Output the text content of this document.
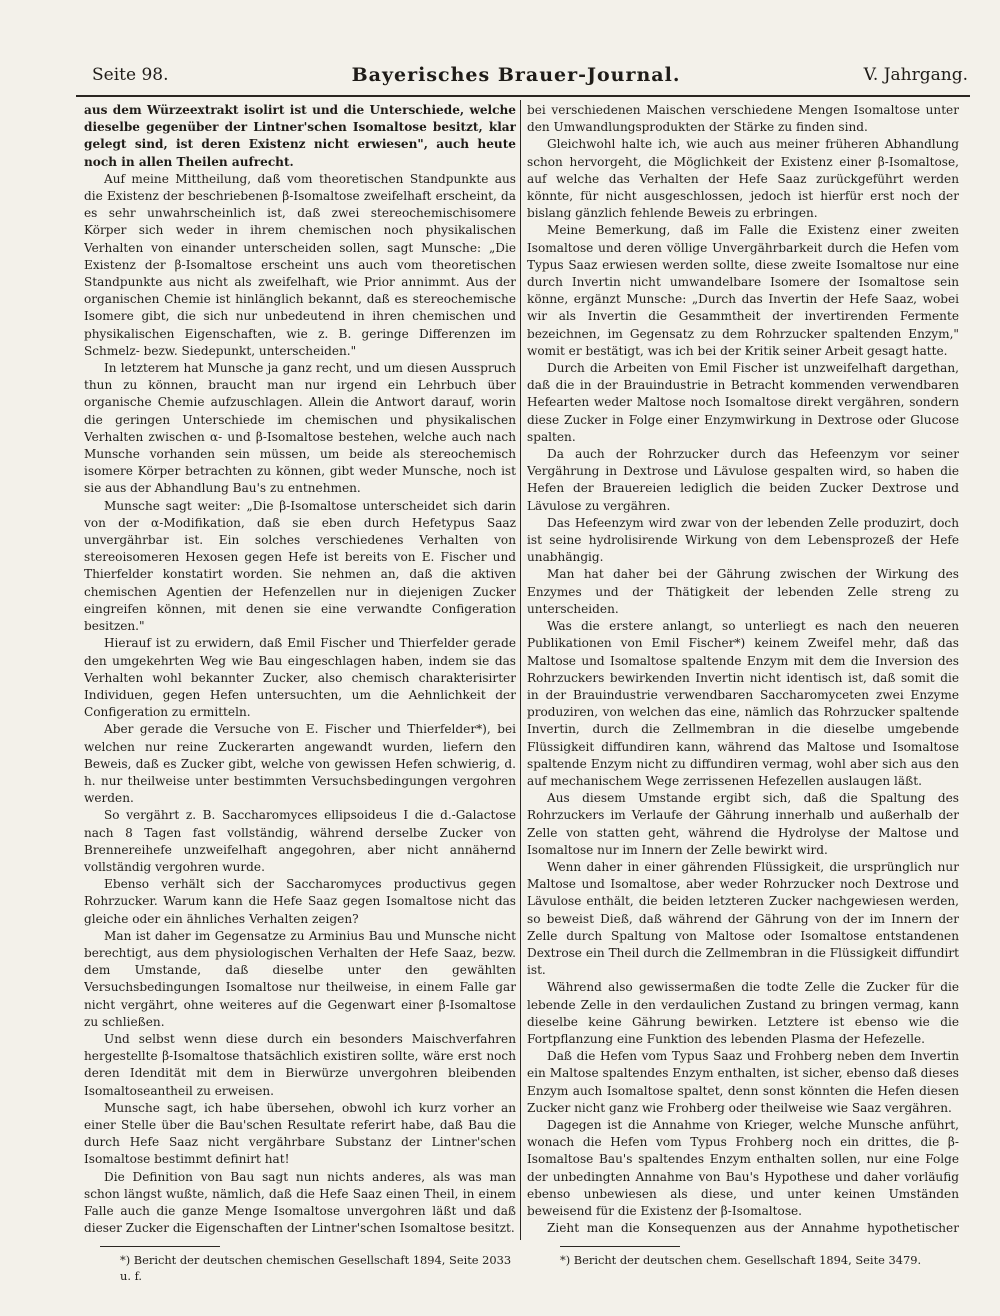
Seite 98.	Bayerisches Brauer-Journal.	V. Jahrgang.

aus dem Würzeextrakt isolirt ist und die Unterschiede, welche dieselbe gegenüber der Lintner'schen Isomaltose besitzt, klar gelegt sind, ist deren Existenz nicht erwiesen", auch heute noch in allen Theilen aufrecht.

Auf meine Mittheilung, daß vom theoretischen Standpunkte aus die Existenz der beschriebenen β-Isomaltose zweifelhaft erscheint, da es sehr unwahrscheinlich ist, daß zwei stereochemischisomere Körper sich weder in ihrem chemischen noch physikalischen Verhalten von einander unterscheiden sollen, sagt Munsche: „Die Existenz der β-Isomaltose erscheint uns auch vom theoretischen Standpunkte aus nicht als zweifelhaft, wie Prior annimmt. Aus der organischen Chemie ist hinlänglich bekannt, daß es stereochemische Isomere gibt, die sich nur unbedeutend in ihren chemischen und physikalischen Eigenschaften, wie z. B. geringe Differenzen im Schmelz- bezw. Siedepunkt, unterscheiden."

In letzterem hat Munsche ja ganz recht, und um diesen Ausspruch thun zu können, braucht man nur irgend ein Lehrbuch über organische Chemie aufzuschlagen. Allein die Antwort darauf, worin die geringen Unterschiede im chemischen und physikalischen Verhalten zwischen α- und β-Isomaltose bestehen, welche auch nach Munsche vorhanden sein müssen, um beide als stereochemisch isomere Körper betrachten zu können, gibt weder Munsche, noch ist sie aus der Abhandlung Bau's zu entnehmen.

Munsche sagt weiter: „Die β-Isomaltose unterscheidet sich darin von der α-Modifikation, daß sie eben durch Hefetypus Saaz unvergährbar ist. Ein solches verschiedenes Verhalten von stereoisomeren Hexosen gegen Hefe ist bereits von E. Fischer und Thierfelder konstatirt worden. Sie nehmen an, daß die aktiven chemischen Agentien der Hefenzellen nur in diejenigen Zucker eingreifen können, mit denen sie eine verwandte Configeration besitzen."

Hierauf ist zu erwidern, daß Emil Fischer und Thierfelder gerade den umgekehrten Weg wie Bau eingeschlagen haben, indem sie das Verhalten wohl bekannter Zucker, also chemisch charakterisirter Individuen, gegen Hefen untersuchten, um die Aehnlichkeit der Configeration zu ermitteln.

Aber gerade die Versuche von E. Fischer und Thierfelder*), bei welchen nur reine Zuckerarten angewandt wurden, liefern den Beweis, daß es Zucker gibt, welche von gewissen Hefen schwierig, d. h. nur theilweise unter bestimmten Versuchsbedingungen vergohren werden.

So vergährt z. B. Saccharomyces ellipsoideus I die d.-Galactose nach 8 Tagen fast vollständig, während derselbe Zucker von Brennereihefe unzweifelhaft angegohren, aber nicht annähernd vollständig vergohren wurde.

Ebenso verhält sich der Saccharomyces productivus gegen Rohrzucker. Warum kann die Hefe Saaz gegen Isomaltose nicht das gleiche oder ein ähnliches Verhalten zeigen?

Man ist daher im Gegensatze zu Arminius Bau und Munsche nicht berechtigt, aus dem physiologischen Verhalten der Hefe Saaz, bezw. dem Umstande, daß dieselbe unter den gewählten Versuchsbedingungen Isomaltose nur theilweise, in einem Falle gar nicht vergährt, ohne weiteres auf die Gegenwart einer β-Isomaltose zu schließen.

Und selbst wenn diese durch ein besonders Maischverfahren hergestellte β-Isomaltose thatsächlich existiren sollte, wäre erst noch deren Idendität mit dem in Bierwürze unvergohren bleibenden Isomaltoseantheil zu erweisen.

Munsche sagt, ich habe übersehen, obwohl ich kurz vorher an einer Stelle über die Bau'schen Resultate referirt habe, daß Bau die durch Hefe Saaz nicht vergährbare Substanz der Lintner'schen Isomaltose bestimmt definirt hat!

Die Definition von Bau sagt nun nichts anderes, als was man schon längst wußte, nämlich, daß die Hefe Saaz einen Theil, in einem Falle auch die ganze Menge Isomaltose unvergohren läßt und daß dieser Zucker die Eigenschaften der Lintner'schen Isomaltose besitzt.

bei verschiedenen Maischen verschiedene Mengen Isomaltose unter den Umwandlungsprodukten der Stärke zu finden sind.

Gleichwohl halte ich, wie auch aus meiner früheren Abhandlung schon hervorgeht, die Möglichkeit der Existenz einer β-Isomaltose, auf welche das Verhalten der Hefe Saaz zurückgeführt werden könnte, für nicht ausgeschlossen, jedoch ist hierfür erst noch der bislang gänzlich fehlende Beweis zu erbringen.

Meine Bemerkung, daß im Falle die Existenz einer zweiten Isomaltose und deren völlige Unvergährbarkeit durch die Hefen vom Typus Saaz erwiesen werden sollte, diese zweite Isomaltose nur eine durch Invertin nicht umwandelbare Isomere der Isomaltose sein könne, ergänzt Munsche: „Durch das Invertin der Hefe Saaz, wobei wir als Invertin die Gesammtheit der invertirenden Fermente bezeichnen, im Gegensatz zu dem Rohrzucker spaltenden Enzym," womit er bestätigt, was ich bei der Kritik seiner Arbeit gesagt hatte.

Durch die Arbeiten von Emil Fischer ist unzweifelhaft dargethan, daß die in der Brauindustrie in Betracht kommenden verwendbaren Hefearten weder Maltose noch Isomaltose direkt vergähren, sondern diese Zucker in Folge einer Enzymwirkung in Dextrose oder Glucose spalten.

Da auch der Rohrzucker durch das Hefeenzym vor seiner Vergährung in Dextrose und Lävulose gespalten wird, so haben die Hefen der Brauereien lediglich die beiden Zucker Dextrose und Lävulose zu vergähren.

Das Hefeenzym wird zwar von der lebenden Zelle produzirt, doch ist seine hydrolisirende Wirkung von dem Lebensprozeß der Hefe unabhängig.

Man hat daher bei der Gährung zwischen der Wirkung des Enzymes und der Thätigkeit der lebenden Zelle streng zu unterscheiden.

Was die erstere anlangt, so unterliegt es nach den neueren Publikationen von Emil Fischer*) keinem Zweifel mehr, daß das Maltose und Isomaltose spaltende Enzym mit dem die Inversion des Rohrzuckers bewirkenden Invertin nicht identisch ist, daß somit die in der Brauindustrie verwendbaren Saccharomyceten zwei Enzyme produziren, von welchen das eine, nämlich das Rohrzucker spaltende Invertin, durch die Zellmembran in die dieselbe umgebende Flüssigkeit diffundiren kann, während das Maltose und Isomaltose spaltende Enzym nicht zu diffundiren vermag, wohl aber sich aus den auf mechanischem Wege zerrissenen Hefezellen auslaugen läßt.

Aus diesem Umstande ergibt sich, daß die Spaltung des Rohrzuckers im Verlaufe der Gährung innerhalb und außerhalb der Zelle von statten geht, während die Hydrolyse der Maltose und Isomaltose nur im Innern der Zelle bewirkt wird.

Wenn daher in einer gährenden Flüssigkeit, die ursprünglich nur Maltose und Isomaltose, aber weder Rohrzucker noch Dextrose und Lävulose enthält, die beiden letzteren Zucker nachgewiesen werden, so beweist Dieß, daß während der Gährung von der im Innern der Zelle durch Spaltung von Maltose oder Isomaltose entstandenen Dextrose ein Theil durch die Zellmembran in die Flüssigkeit diffundirt ist.

Während also gewissermaßen die todte Zelle die Zucker für die lebende Zelle in den verdaulichen Zustand zu bringen vermag, kann dieselbe keine Gährung bewirken. Letztere ist ebenso wie die Fortpflanzung eine Funktion des lebenden Plasma der Hefezelle.

Daß die Hefen vom Typus Saaz und Frohberg neben dem Invertin ein Maltose spaltendes Enzym enthalten, ist sicher, ebenso daß dieses Enzym auch Isomaltose spaltet, denn sonst könnten die Hefen diesen Zucker nicht ganz wie Frohberg oder theilweise wie Saaz vergähren.

Dagegen ist die Annahme von Krieger, welche Munsche anführt, wonach die Hefen vom Typus Frohberg noch ein drittes, die β-Isomaltose Bau's spaltendes Enzym enthalten sollen, nur eine Folge der unbedingten Annahme von Bau's Hypothese und daher vorläufig ebenso unbewiesen als diese, und unter keinen Umständen beweisend für die Existenz der β-Isomaltose.

Zieht man die Konsequenzen aus der Annahme hypothetischer

*) Bericht der deutschen chemischen Gesellschaft 1894, Seite 2033 u. f.
*) Bericht der deutschen chem. Gesellschaft 1894, Seite 3479.
